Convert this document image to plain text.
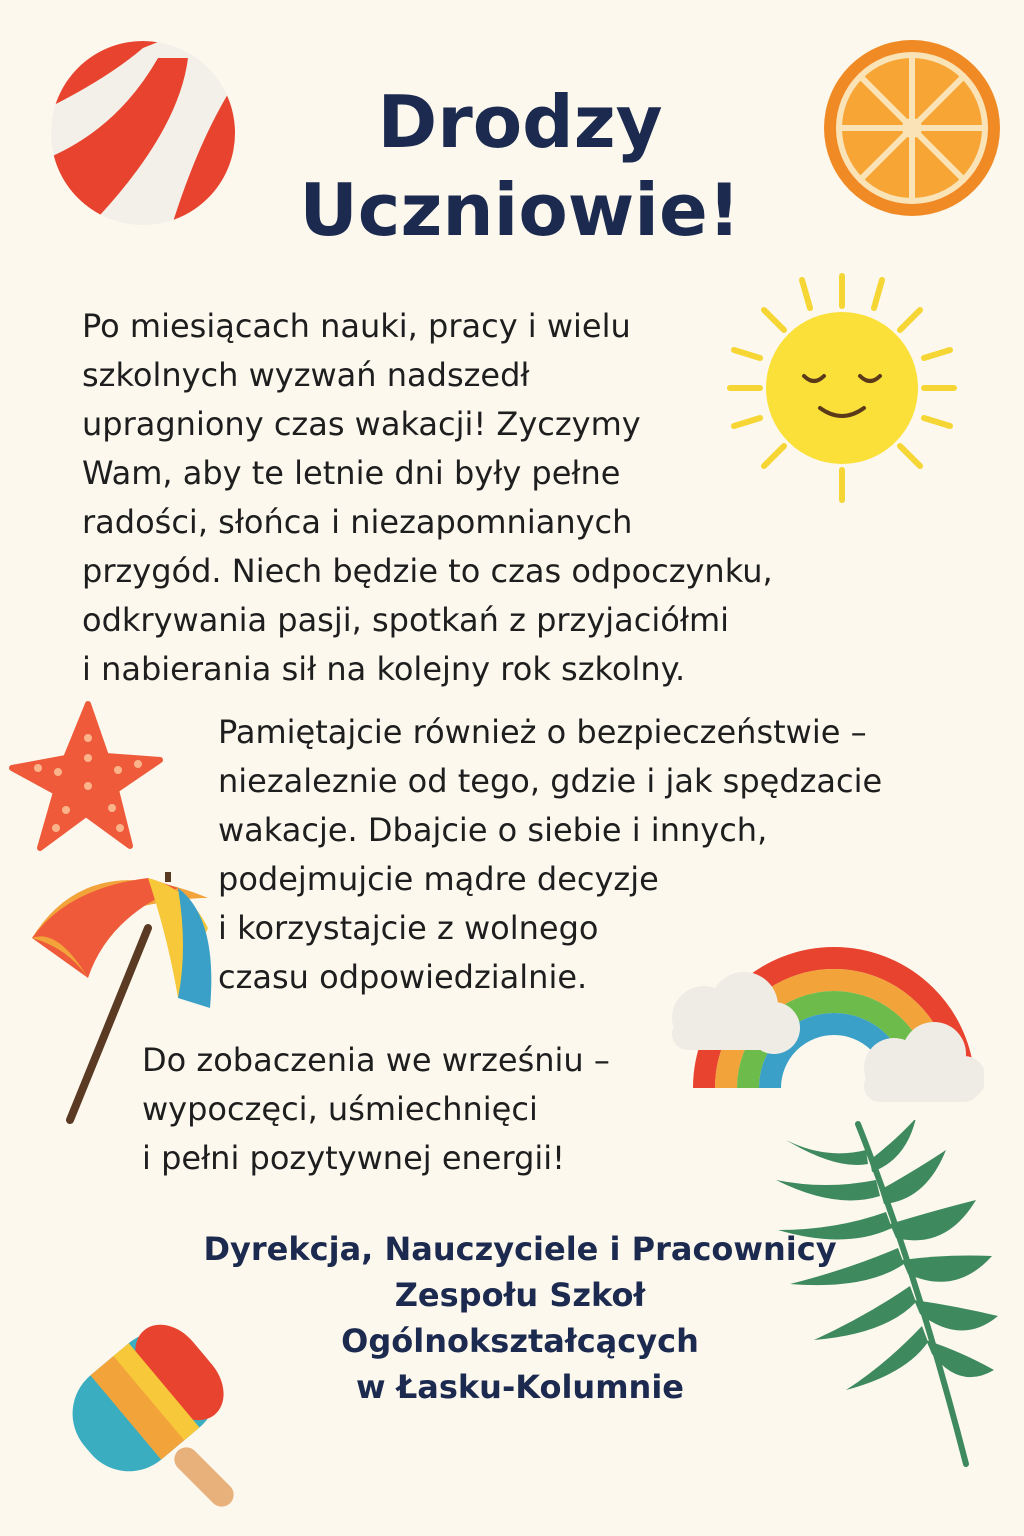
Drodzy
Uczniowie!

Po miesiącach nauki, pracy i wielu
szkolnych wyzwań nadszedł
upragniony czas wakacji! Zyczymy
Wam, aby te letnie dni były pełne
radości, słońca i niezapomnianych
przygód. Niech będzie to czas odpoczynku,
odkrywania pasji, spotkań z przyjaciółmi
i nabierania sił na kolejny rok szkolny.

Pamiętajcie również o bezpieczeństwie –
niezaleznie od tego, gdzie i jak spędzacie
wakacje. Dbajcie o siebie i innych,
podejmujcie mądre decyzje
i korzystajcie z wolnego
czasu odpowiedzialnie.

Do zobaczenia we wrześniu –
wypoczęci, uśmiechnięci
i pełni pozytywnej energii!

Dyrekcja, Nauczyciele i Pracownicy
Zespołu Szkoł
Ogólnokształcących
w Łasku-Kolumnie
